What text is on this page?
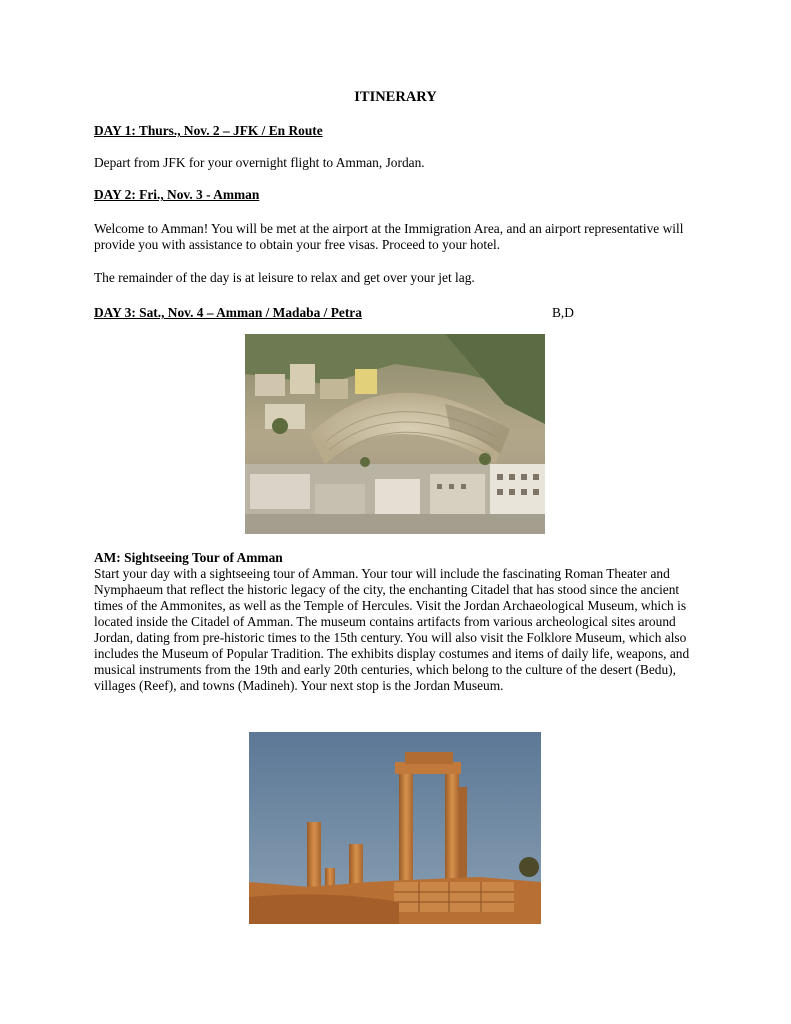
ITINERARY
DAY 1: Thurs., Nov. 2 – JFK / En Route
Depart from JFK for your overnight flight to Amman, Jordan.
DAY 2: Fri., Nov. 3 - Amman
Welcome to Amman! You will be met at the airport at the Immigration Area, and an airport representative will provide you with assistance to obtain your free visas. Proceed to your hotel.
The remainder of the day is at leisure to relax and get over your jet lag.
DAY 3: Sat., Nov. 4 – Amman / Madaba / Petra	B,D
AM: Sightseeing Tour of Amman
Start your day with a sightseeing tour of Amman. Your tour will include the fascinating Roman Theater and Nymphaeum that reflect the historic legacy of the city, the enchanting Citadel that has stood since the ancient times of the Ammonites, as well as the Temple of Hercules. Visit the Jordan Archaeological Museum, which is located inside the Citadel of Amman. The museum contains artifacts from various archeological sites around Jordan, dating from pre-historic times to the 15th century. You will also visit the Folklore Museum, which also includes the Museum of Popular Tradition. The exhibits display costumes and items of daily life, weapons, and musical instruments from the 19th and early 20th centuries, which belong to the culture of the desert (Bedu), villages (Reef), and towns (Madineh). Your next stop is the Jordan Museum.
